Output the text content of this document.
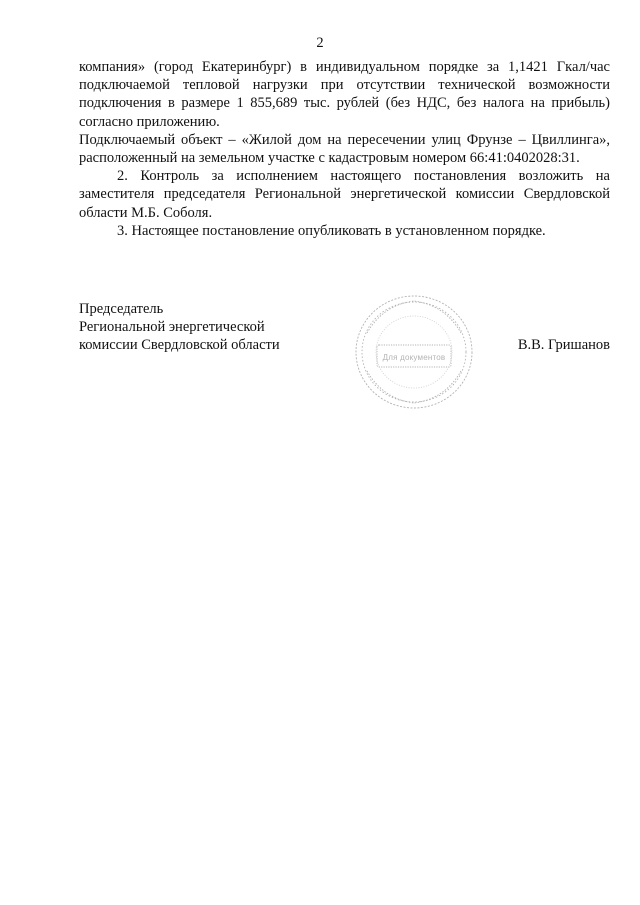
2

компания» (город Екатеринбург) в индивидуальном порядке за 1,1421 Гкал/час подключаемой тепловой нагрузки при отсутствии технической возможности подключения в размере 1 855,689 тыс. рублей (без НДС, без налога на прибыль) согласно приложению.

Подключаемый объект – «Жилой дом на пересечении улиц Фрунзе – Цвиллинга», расположенный на земельном участке с кадастровым номером 66:41:0402028:31.

2. Контроль за исполнением настоящего постановления возложить на заместителя председателя Региональной энергетической комиссии Свердловской области М.Б. Соболя.

3. Настоящее постановление опубликовать в установленном порядке.

Председатель
Региональной энергетической
комиссии Свердловской области
Для документов
В.В. Гришанов
